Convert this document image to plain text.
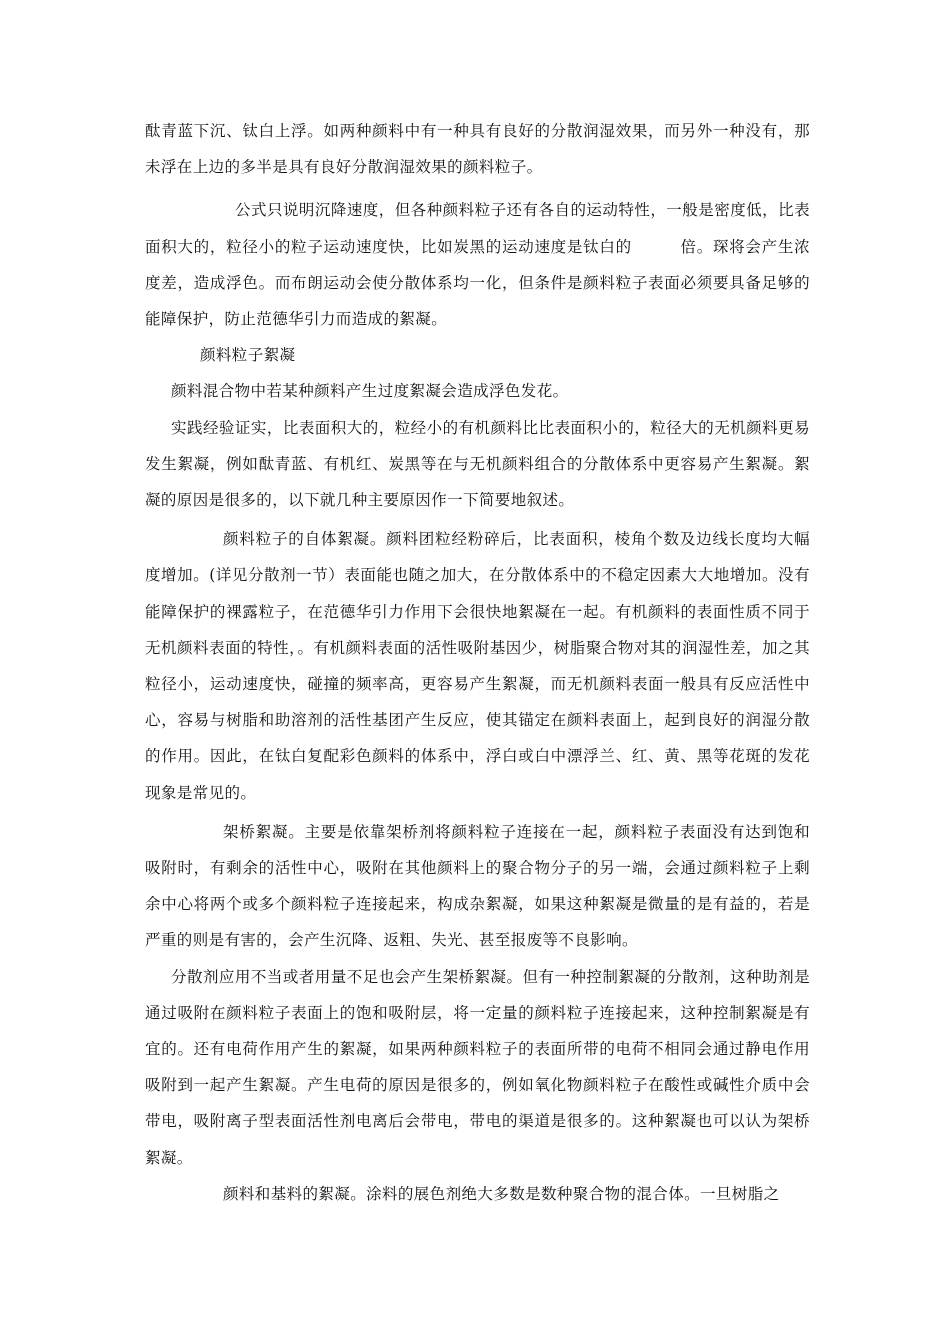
酞青蓝下沉、钛白上浮。如两种颜料中有一种具有良好的分散润湿效果，而另外一种没有，那未浮在上边的多半是具有良好分散润湿效果的颜料粒子。

公式只说明沉降速度，但各种颜料粒子还有各自的运动特性，一般是密度低，比表面积大的，粒径小的粒子运动速度快，比如炭黑的运动速度是钛白的　　　倍。琛将会产生浓度差，造成浮色。而布朗运动会使分散体系均一化，但条件是颜料粒子表面必须要具备足够的能障保护，防止范德华引力而造成的絮凝。

颜料粒子絮凝

颜料混合物中若某种颜料产生过度絮凝会造成浮色发花。

实践经验证实，比表面积大的，粒经小的有机颜料比比表面积小的，粒径大的无机颜料更易发生絮凝，例如酞青蓝、有机红、炭黑等在与无机颜料组合的分散体系中更容易产生絮凝。絮凝的原因是很多的，以下就几种主要原因作一下简要地叙述。

颜料粒子的自体絮凝。颜料团粒经粉碎后，比表面积，棱角个数及边线长度均大幅度增加。(详见分散剂一节）表面能也随之加大，在分散体系中的不稳定因素大大地增加。没有能障保护的裸露粒子，在范德华引力作用下会很快地絮凝在一起。有机颜料的表面性质不同于无机颜料表面的特性，。有机颜料表面的活性吸附基因少，树脂聚合物对其的润湿性差，加之其粒径小，运动速度快，碰撞的频率高，更容易产生絮凝，而无机颜料表面一般具有反应活性中心，容易与树脂和助溶剂的活性基团产生反应，使其锚定在颜料表面上，起到良好的润湿分散的作用。因此，在钛白复配彩色颜料的体系中，浮白或白中漂浮兰、红、黄、黑等花斑的发花现象是常见的。

架桥絮凝。主要是依靠架桥剂将颜料粒子连接在一起，颜料粒子表面没有达到饱和吸附时，有剩余的活性中心，吸附在其他颜料上的聚合物分子的另一端，会通过颜料粒子上剩余中心将两个或多个颜料粒子连接起来，构成杂絮凝，如果这种絮凝是微量的是有益的，若是严重的则是有害的，会产生沉降、返粗、失光、甚至报废等不良影响。

分散剂应用不当或者用量不足也会产生架桥絮凝。但有一种控制絮凝的分散剂，这种助剂是通过吸附在颜料粒子表面上的饱和吸附层，将一定量的颜料粒子连接起来，这种控制絮凝是有宜的。还有电荷作用产生的絮凝，如果两种颜料粒子的表面所带的电荷不相同会通过静电作用吸附到一起产生絮凝。产生电荷的原因是很多的，例如氧化物颜料粒子在酸性或碱性介质中会带电，吸附离子型表面活性剂电离后会带电，带电的渠道是很多的。这种絮凝也可以认为架桥絮凝。

颜料和基料的絮凝。涂料的展色剂绝大多数是数种聚合物的混合体。一旦树脂之
